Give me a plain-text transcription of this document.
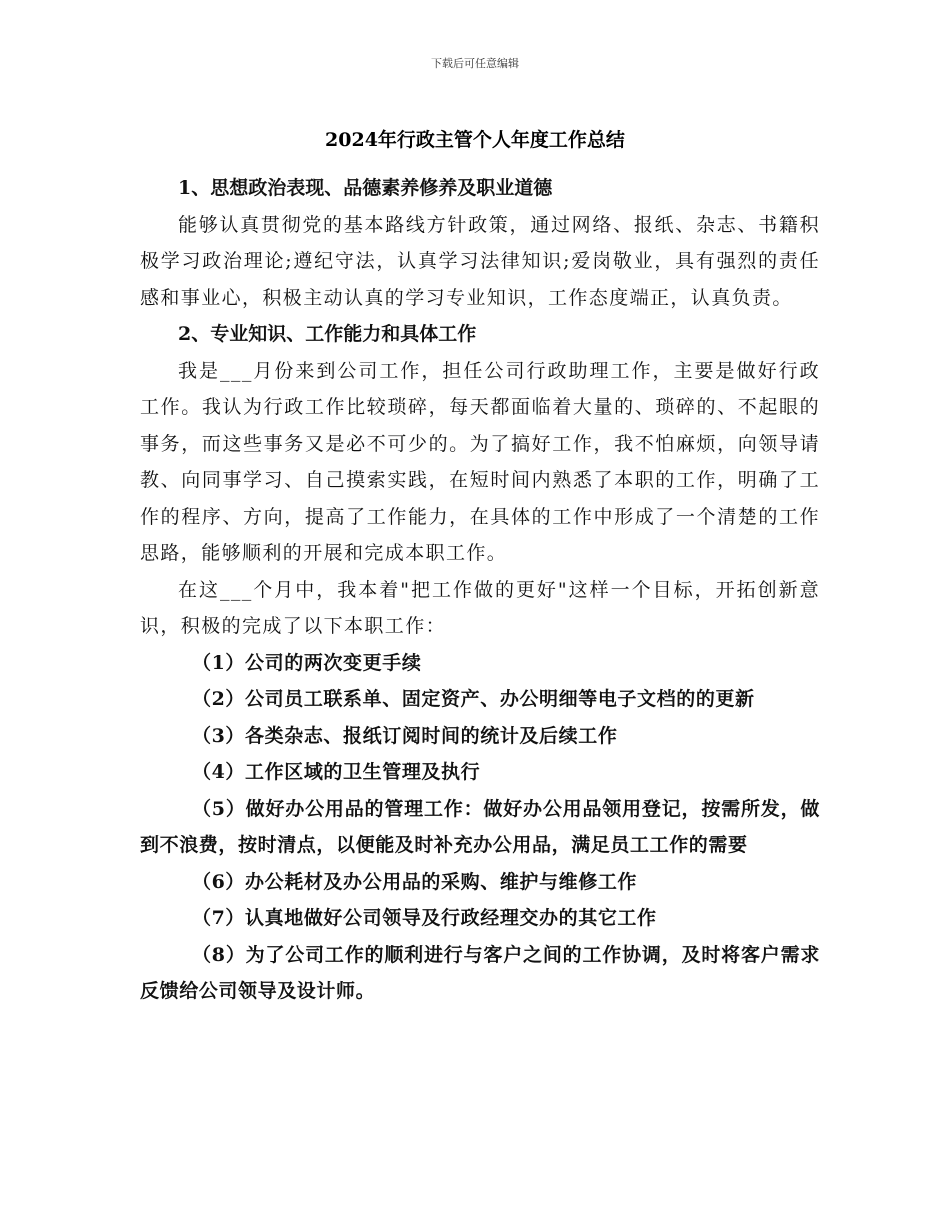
下载后可任意编辑
2024年行政主管个人年度工作总结

1、思想政治表现、品德素养修养及职业道德

能够认真贯彻党的基本路线方针政策，通过网络、报纸、杂志、书籍积极学习政治理论;遵纪守法，认真学习法律知识;爱岗敬业，具有强烈的责任感和事业心，积极主动认真的学习专业知识，工作态度端正，认真负责。

2、专业知识、工作能力和具体工作

我是___月份来到公司工作，担任公司行政助理工作，主要是做好行政工作。我认为行政工作比较琐碎，每天都面临着大量的、琐碎的、不起眼的事务，而这些事务又是必不可少的。为了搞好工作，我不怕麻烦，向领导请教、向同事学习、自己摸索实践，在短时间内熟悉了本职的工作，明确了工作的程序、方向，提高了工作能力，在具体的工作中形成了一个清楚的工作思路，能够顺利的开展和完成本职工作。

在这___个月中，我本着"把工作做的更好"这样一个目标，开拓创新意识，积极的完成了以下本职工作：

（1）公司的两次变更手续

（2）公司员工联系单、固定资产、办公明细等电子文档的的更新

（3）各类杂志、报纸订阅时间的统计及后续工作

（4）工作区域的卫生管理及执行

（5）做好办公用品的管理工作：做好办公用品领用登记，按需所发，做到不浪费，按时清点，以便能及时补充办公用品，满足员工工作的需要

（6）办公耗材及办公用品的采购、维护与维修工作

（7）认真地做好公司领导及行政经理交办的其它工作

（8）为了公司工作的顺利进行与客户之间的工作协调，及时将客户需求反馈给公司领导及设计师。
